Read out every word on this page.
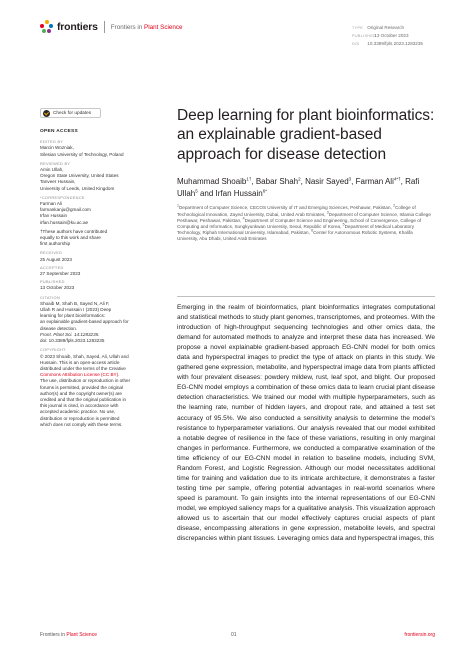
frontiers Frontiers in Plant Science	TYPE Original Research
PUBLISHED 13 October 2023
DOI 10.3389/fpls.2023.1283235
Check for updates
OPEN ACCESS
EDITED BY
Marcin Wozniak,
Silesian University of Technology, Poland
REVIEWED BY
Amin Ullah,
Oregon State University, United States
Tanveer Hussain,
University of Leeds, United Kingdom
*CORRESPONDENCE
Farman Ali
farmankanju@gmail.com
Irfan Hussain
irfan.hussain@ku.ac.ae
†These authors have contributed
equally to this work and share
first authorship
RECEIVED
25 August 2023
ACCEPTED
27 September 2023
PUBLISHED
13 October 2023
CITATION
Shoaib M, Shah B, Sayed N, Ali F,
Ullah R and Hussain I (2023) Deep
learning for plant bioinformatics:
an explainable gradient-based approach for
disease detection.
Front. Plant Sci. 14:1283235.
doi: 10.3389/fpls.2023.1283235
COPYRIGHT
© 2023 Shoaib, Shah, Sayed, Ali, Ullah and
Hussain. This is an open-access article
distributed under the terms of the Creative
Commons Attribution License (CC BY).
The use, distribution or reproduction in other
forums is permitted, provided the original
author(s) and the copyright owner(s) are
credited and that the original publication in
this journal is cited, in accordance with
accepted academic practice. No use,
distribution or reproduction is permitted
which does not comply with these terms.
Deep learning for plant bioinformatics: an explainable gradient-based approach for disease detection
Muhammad Shoaib$^{1\dagger}$, Babar Shah$^2$, Nasir Sayed$^3$, Farman Ali$^{4*\dagger}$, Rafi Ullah$^5$ and Irfan Hussain$^{6*}$
$^1$Department of Computer Science, CECOS University of IT and Emerging Sciences, Peshawar, Pakistan, $^2$College of Technological Innovation, Zayed University, Dubai, United Arab Emirates, $^3$Department of Computer Science, Islamia College Peshawar, Peshawar, Pakistan, $^4$Department of Computer Science and Engineering, School of Convergence, College of Computing and Informatics, Sungkyunkwan University, Seoul, Republic of Korea, $^5$Department of Medical Laboratory Technology, Riphah International University, Islamabad, Pakistan, $^6$Center for Autonomous Robotic Systems, Khalifa University, Abu Dhabi, United Arab Emirates
Emerging in the realm of bioinformatics, plant bioinformatics integrates computational and statistical methods to study plant genomes, transcriptomes, and proteomes. With the introduction of high-throughput sequencing technologies and other omics data, the demand for automated methods to analyze and interpret these data has increased. We propose a novel explainable gradient-based approach EG-CNN model for both omics data and hyperspectral images to predict the type of attack on plants in this study. We gathered gene expression, metabolite, and hyperspectral image data from plants afflicted with four prevalent diseases: powdery mildew, rust, leaf spot, and blight. Our proposed EG-CNN model employs a combination of these omics data to learn crucial plant disease detection characteristics. We trained our model with multiple hyperparameters, such as the learning rate, number of hidden layers, and dropout rate, and attained a test set accuracy of 95.5%. We also conducted a sensitivity analysis to determine the model's resistance to hyperparameter variations. Our analysis revealed that our model exhibited a notable degree of resilience in the face of these variations, resulting in only marginal changes in performance. Furthermore, we conducted a comparative examination of the time efficiency of our EG-CNN model in relation to baseline models, including SVM, Random Forest, and Logistic Regression. Although our model necessitates additional time for training and validation due to its intricate architecture, it demonstrates a faster testing time per sample, offering potential advantages in real-world scenarios where speed is paramount. To gain insights into the internal representations of our EG-CNN model, we employed saliency maps for a qualitative analysis. This visualization approach allowed us to ascertain that our model effectively captures crucial aspects of plant disease, encompassing alterations in gene expression, metabolite levels, and spectral discrepancies within plant tissues. Leveraging omics data and hyperspectral images, this
Frontiers in Plant Science	01	frontiersin.org
